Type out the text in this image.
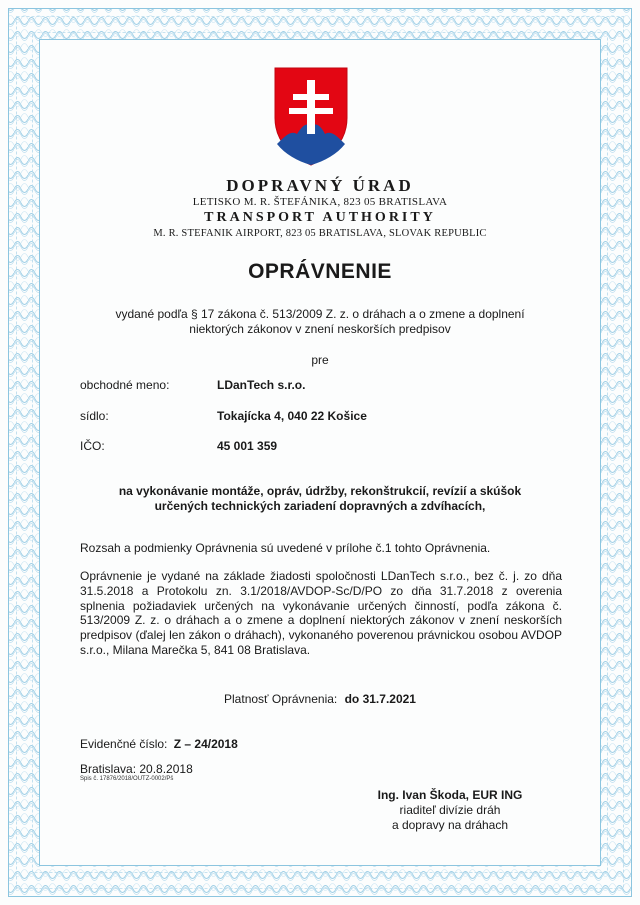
DOPRAVNÝ ÚRAD
LETISKO M. R. ŠTEFÁNIKA, 823 05 BRATISLAVA
TRANSPORT AUTHORITY
M. R. STEFANIK AIRPORT, 823 05 BRATISLAVA, SLOVAK REPUBLIC
OPRÁVNENIE
vydané podľa § 17 zákona č. 513/2009 Z. z. o dráhach a o zmene a doplnení
niektorých zákonov v znení neskorších predpisov
pre
obchodné meno:	LDanTech s.r.o.
sídlo:	Tokajícka 4, 040 22 Košice
IČO:	45 001 359
na vykonávanie montáže, opráv, údržby, rekonštrukcií, revízií a skúšok
určených technických zariadení dopravných a zdvíhacích,
Rozsah a podmienky Oprávnenia sú uvedené v prílohe č.1 tohto Oprávnenia.
Oprávnenie je vydané na základe žiadosti spoločnosti LDanTech s.r.o., bez č. j. zo dňa 31.5.2018 a Protokolu zn. 3.1/2018/AVDOP-Sc/D/PO zo dňa 31.7.2018 z overenia splnenia požiadaviek určených na vykonávanie určených činností, podľa zákona č. 513/2009 Z. z. o dráhach a o zmene a doplnení niektorých zákonov v znení neskorších predpisov (ďalej len zákon o dráhach), vykonaného poverenou právnickou osobou AVDOP s.r.o., Milana Marečka 5, 841 08 Bratislava.
Platnosť Oprávnenia: do 31.7.2021
Evidenčné číslo: Z – 24/2018
Bratislava: 20.8.2018
Spis č. 17876/2018/OUTZ-0002/Pš
Ing. Ivan Škoda, EUR ING
riaditeľ divízie dráh
a dopravy na dráhach
